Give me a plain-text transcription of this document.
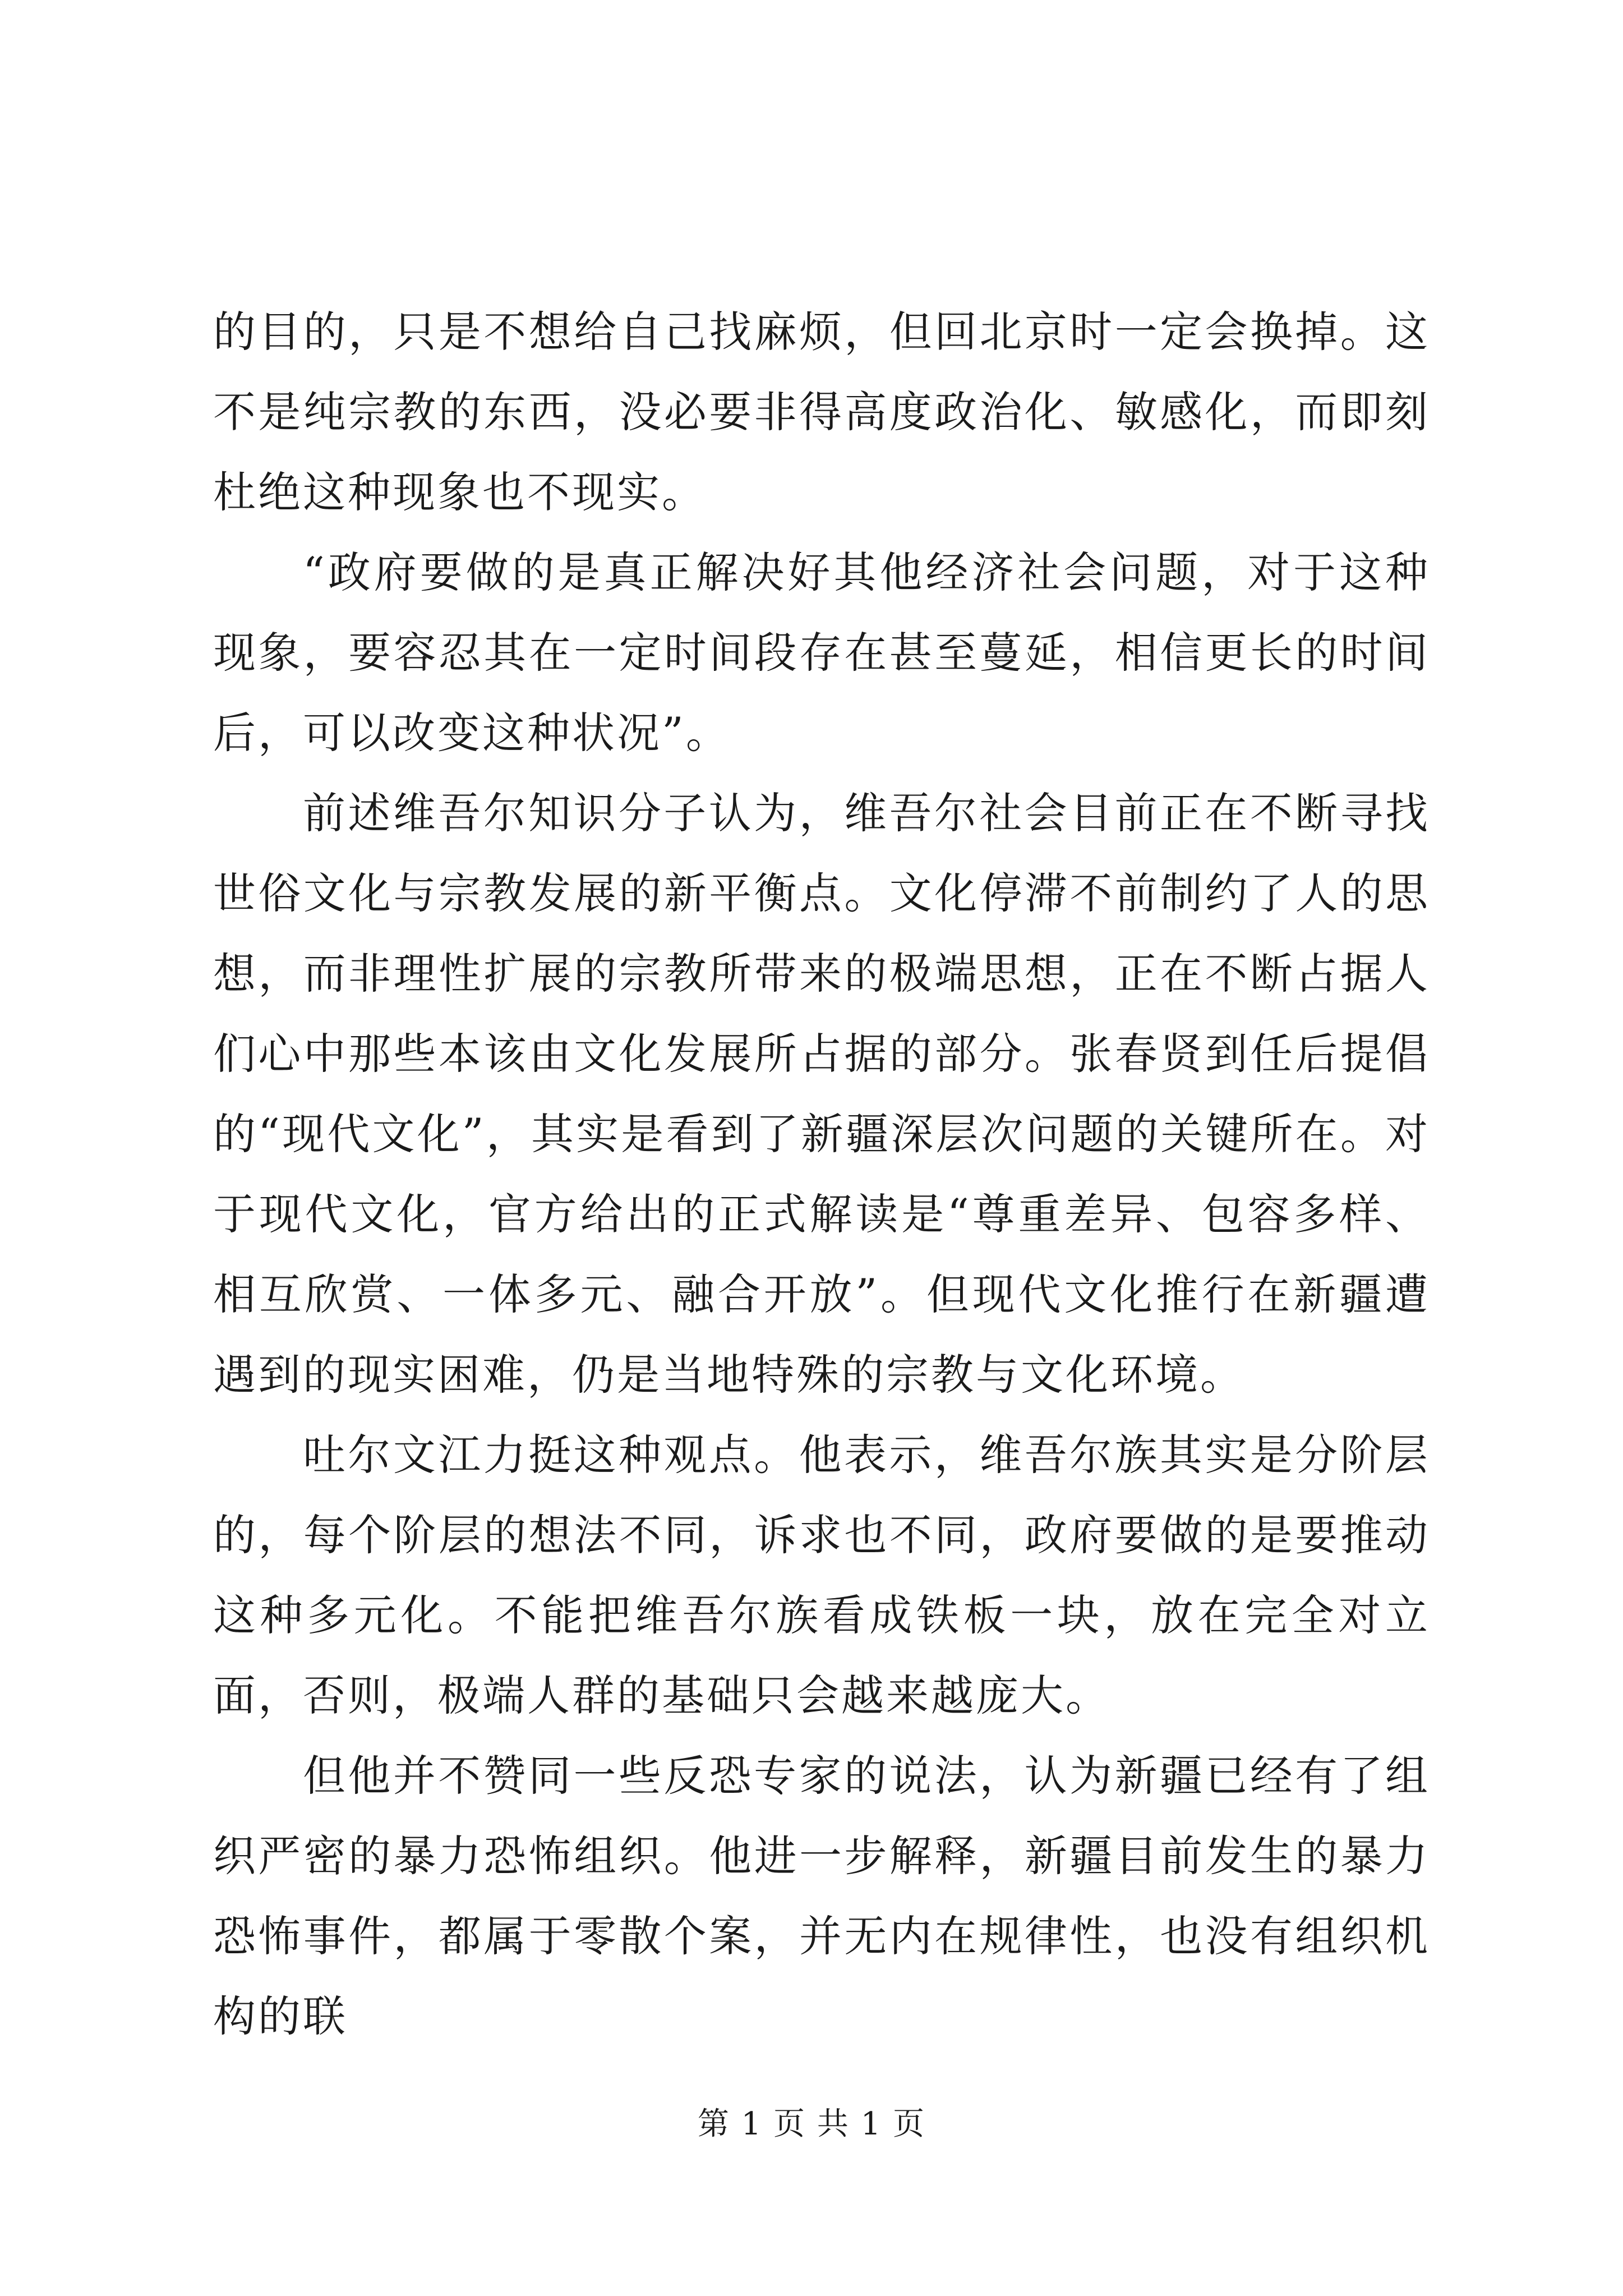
的目的，只是不想给自己找麻烦，但回北京时一定会换掉。这不是纯宗教的东西，没必要非得高度政治化、敏感化，而即刻杜绝这种现象也不现实。

“政府要做的是真正解决好其他经济社会问题，对于这种现象，要容忍其在一定时间段存在甚至蔓延，相信更长的时间后，可以改变这种状况”。

前述维吾尔知识分子认为，维吾尔社会目前正在不断寻找世俗文化与宗教发展的新平衡点。文化停滞不前制约了人的思想，而非理性扩展的宗教所带来的极端思想，正在不断占据人们心中那些本该由文化发展所占据的部分。张春贤到任后提倡的“现代文化”，其实是看到了新疆深层次问题的关键所在。对于现代文化，官方给出的正式解读是“尊重差异、包容多样、相互欣赏、一体多元、融合开放”。但现代文化推行在新疆遭遇到的现实困难，仍是当地特殊的宗教与文化环境。

吐尔文江力挺这种观点。他表示，维吾尔族其实是分阶层的，每个阶层的想法不同，诉求也不同，政府要做的是要推动这种多元化。不能把维吾尔族看成铁板一块，放在完全对立面，否则，极端人群的基础只会越来越庞大。

但他并不赞同一些反恐专家的说法，认为新疆已经有了组织严密的暴力恐怖组织。他进一步解释，新疆目前发生的暴力恐怖事件，都属于零散个案，并无内在规律性，也没有组织机构的联

第 1 页 共 1 页
